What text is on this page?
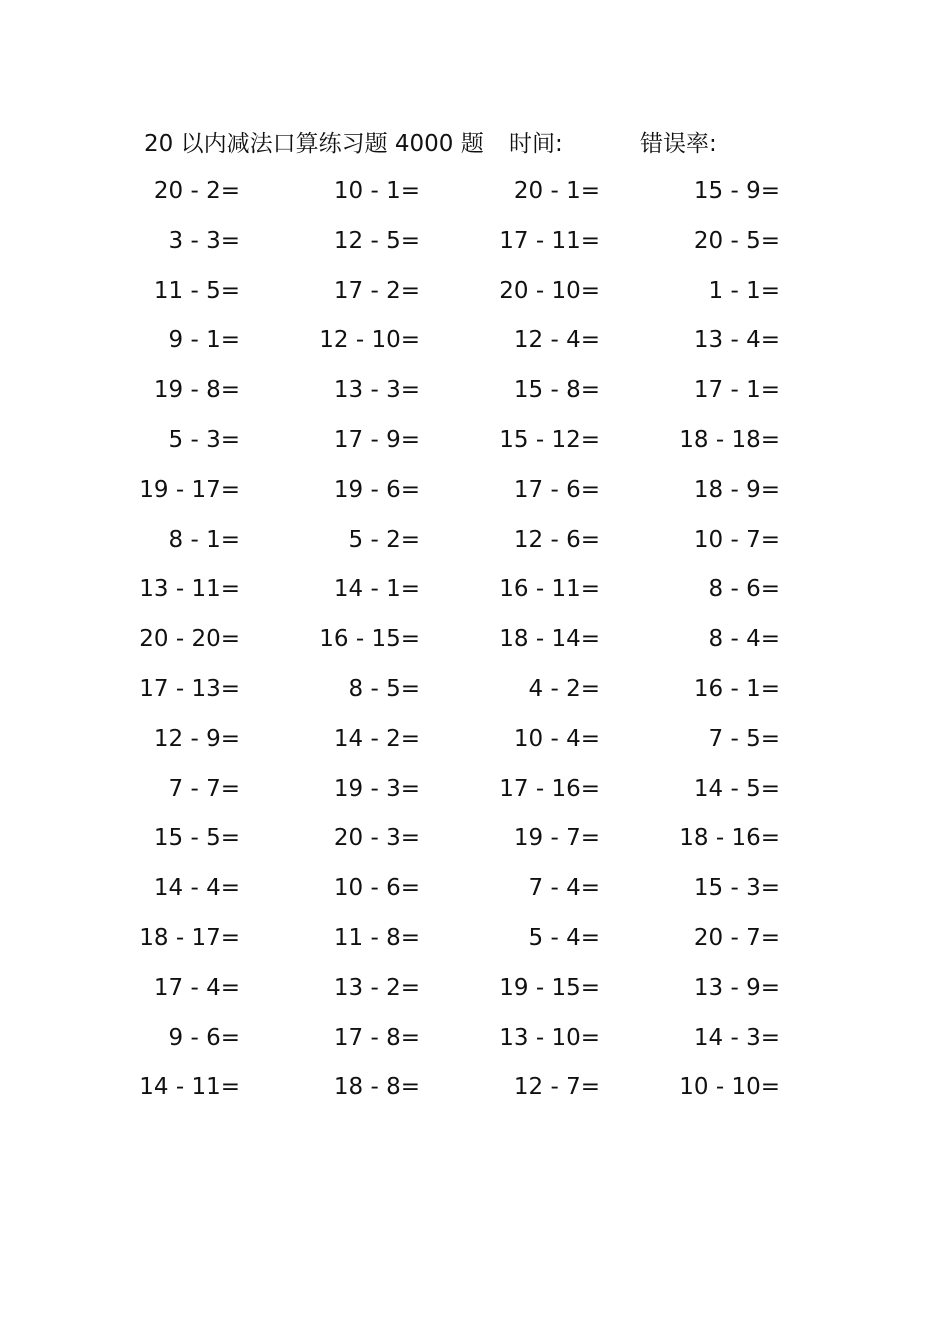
20 以内减法口算练习题 4000 题 时间:	错误率:
20 - 2=	10 - 1=	20 - 1=	15 - 9=
3 - 3=	12 - 5=	17 - 11=	20 - 5=
11 - 5=	17 - 2=	20 - 10=	1 - 1=
9 - 1=	12 - 10=	12 - 4=	13 - 4=
19 - 8=	13 - 3=	15 - 8=	17 - 1=
5 - 3=	17 - 9=	15 - 12=	18 - 18=
19 - 17=	19 - 6=	17 - 6=	18 - 9=
8 - 1=	5 - 2=	12 - 6=	10 - 7=
13 - 11=	14 - 1=	16 - 11=	8 - 6=
20 - 20=	16 - 15=	18 - 14=	8 - 4=
17 - 13=	8 - 5=	4 - 2=	16 - 1=
12 - 9=	14 - 2=	10 - 4=	7 - 5=
7 - 7=	19 - 3=	17 - 16=	14 - 5=
15 - 5=	20 - 3=	19 - 7=	18 - 16=
14 - 4=	10 - 6=	7 - 4=	15 - 3=
18 - 17=	11 - 8=	5 - 4=	20 - 7=
17 - 4=	13 - 2=	19 - 15=	13 - 9=
9 - 6=	17 - 8=	13 - 10=	14 - 3=
14 - 11=	18 - 8=	12 - 7=	10 - 10=
